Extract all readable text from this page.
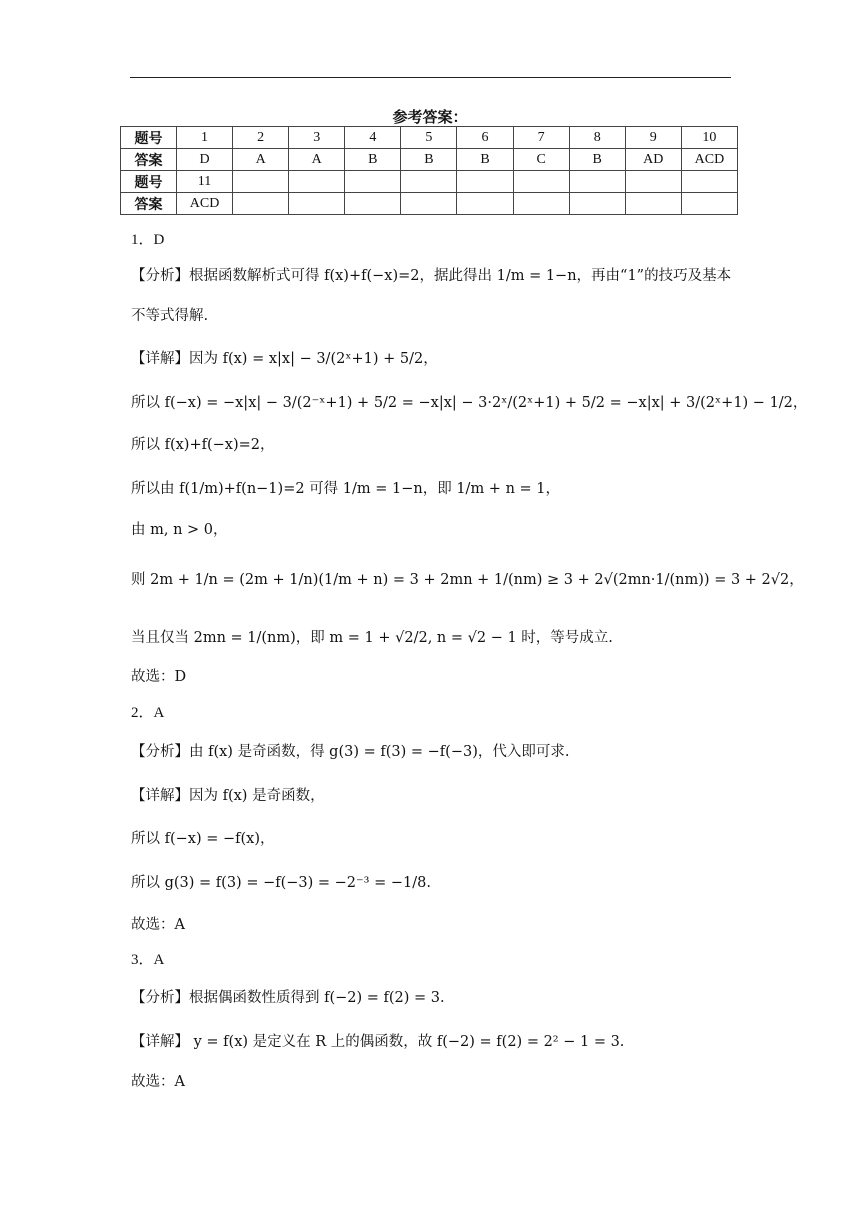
参考答案：
题号	1	2	3	4	5	6	7	8	9	10
答案	D	A	A	B	B	B	C	B	AD	ACD
题号	11									
答案	ACD									
1．D
【分析】根据函数解析式可得 f(x)+f(−x)=2，据此得出 1/m = 1−n，再由“1”的技巧及基本
不等式得解.
【详解】因为 f(x) = x|x| − 3/(2ˣ+1) + 5/2，
所以 f(−x) = −x|x| − 3/(2⁻ˣ+1) + 5/2 = −x|x| − 3·2ˣ/(2ˣ+1) + 5/2 = −x|x| + 3/(2ˣ+1) − 1/2，
所以 f(x)+f(−x)=2，
所以由 f(1/m)+f(n−1)=2 可得 1/m = 1−n，即 1/m + n = 1，
由 m, n > 0，
则 2m + 1/n = (2m + 1/n)(1/m + n) = 3 + 2mn + 1/(nm) ≥ 3 + 2√(2mn·1/(nm)) = 3 + 2√2，
当且仅当 2mn = 1/(nm)，即 m = 1 + √2/2, n = √2 − 1 时，等号成立.
故选：D
2．A
【分析】由 f(x) 是奇函数，得 g(3) = f(3) = −f(−3)，代入即可求.
【详解】因为 f(x) 是奇函数，
所以 f(−x) = −f(x)，
所以 g(3) = f(3) = −f(−3) = −2⁻³ = −1/8.
故选：A
3．A
【分析】根据偶函数性质得到 f(−2) = f(2) = 3.
【详解】 y = f(x) 是定义在 R 上的偶函数，故 f(−2) = f(2) = 2² − 1 = 3.
故选：A
